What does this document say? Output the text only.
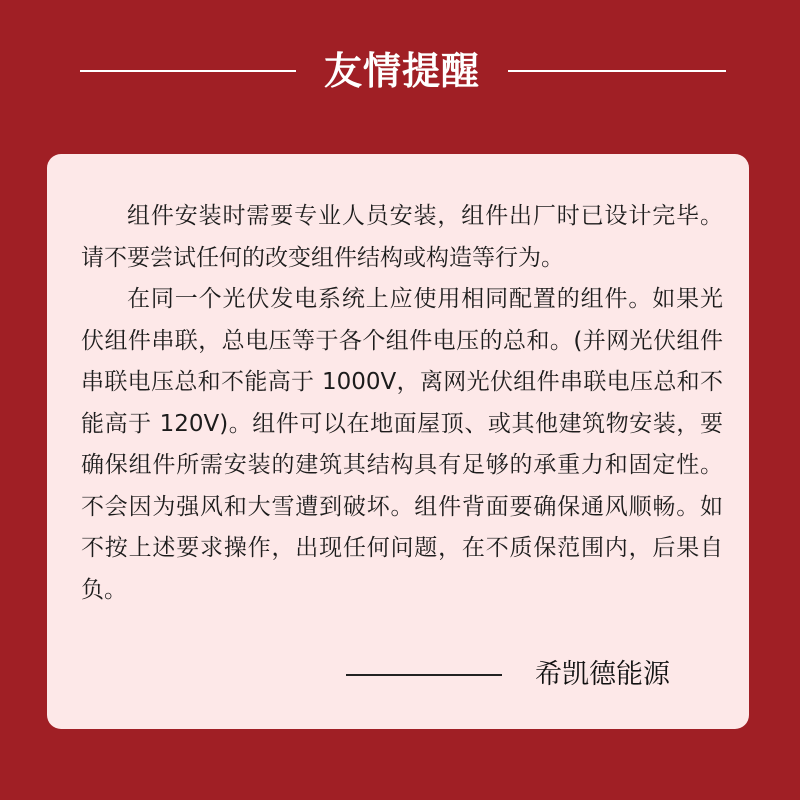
友情提醒

组件安装时需要专业人员安装，组件出厂时已设计完毕。请不要尝试任何的改变组件结构或构造等行为。

在同一个光伏发电系统上应使用相同配置的组件。如果光伏组件串联，总电压等于各个组件电压的总和。(并网光伏组件串联电压总和不能高于 1000V，离网光伏组件串联电压总和不能高于 120V)。组件可以在地面屋顶、或其他建筑物安装，要确保组件所需安装的建筑其结构具有足够的承重力和固定性。不会因为强风和大雪遭到破坏。组件背面要确保通风顺畅。如不按上述要求操作，出现任何问题，在不质保范围内，后果自负。

希凯德能源
